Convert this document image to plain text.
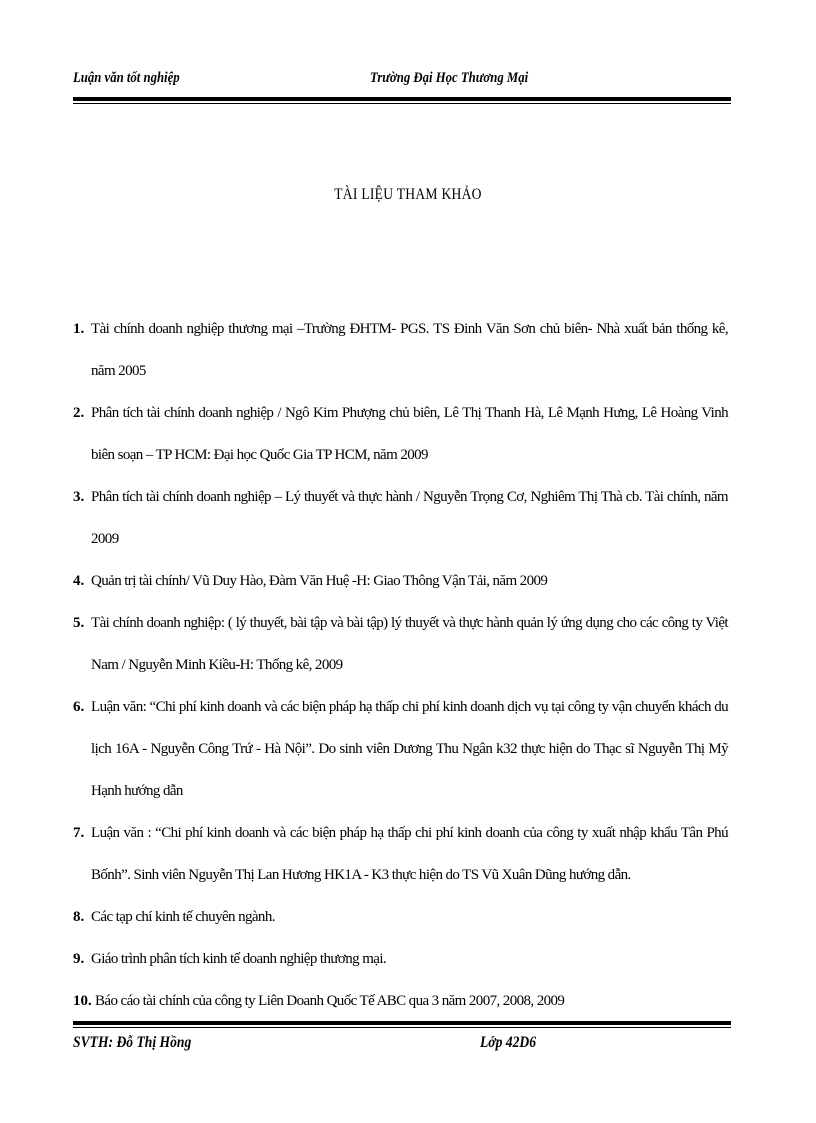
Luận văn tốt nghiệp	Trường Đại Học Thương Mại
TÀI LIỆU THAM KHẢO
1. Tài chính doanh nghiệp thương mại –Trường ĐHTM- PGS. TS Đinh Văn Sơn chủ biên- Nhà xuất bản thống kê, năm 2005
2. Phân tích tài chính doanh nghiệp / Ngô Kim Phượng chủ biên, Lê Thị Thanh Hà, Lê Mạnh Hưng, Lê Hoàng Vinh biên soạn – TP HCM: Đại học Quốc Gia TP HCM, năm 2009
3. Phân tích tài chính doanh nghiệp – Lý thuyết và thực hành / Nguyễn Trọng Cơ, Nghiêm Thị Thà cb. Tài chính, năm 2009
4. Quản trị tài chính/ Vũ Duy Hào, Đàm Văn Huệ -H: Giao Thông Vận Tải, năm 2009
5. Tài chính doanh nghiệp: ( lý thuyết, bài tập và bài tập) lý thuyết và thực hành quản lý ứng dụng cho các công ty Việt Nam / Nguyễn Minh Kiều-H: Thống kê, 2009
6. Luận văn: “Chi phí kinh doanh và các biện pháp hạ thấp chi phí kinh doanh dịch vụ tại công ty vận chuyển khách du lịch 16A - Nguyễn Công Trứ - Hà Nội”. Do sinh viên Dương Thu Ngân k32 thực hiện do Thạc sĩ Nguyễn Thị Mỹ Hạnh hướng dẫn
7. Luận văn : “Chi phí kinh doanh và các biện pháp hạ thấp chi phí kinh doanh của công ty xuất nhập khẩu Tân Phú Bốnh”. Sinh viên Nguyễn Thị Lan Hương HK1A - K3 thực hiện do TS Vũ Xuân Dũng hướng dẫn.
8. Các tạp chí kinh tế chuyên ngành.
9. Giáo trình phân tích kinh tế doanh nghiệp thương mại.
10. Báo cáo tài chính của công ty Liên Doanh Quốc Tế ABC qua 3 năm 2007, 2008, 2009
SVTH: Đỗ Thị Hồng	Lớp 42D6
